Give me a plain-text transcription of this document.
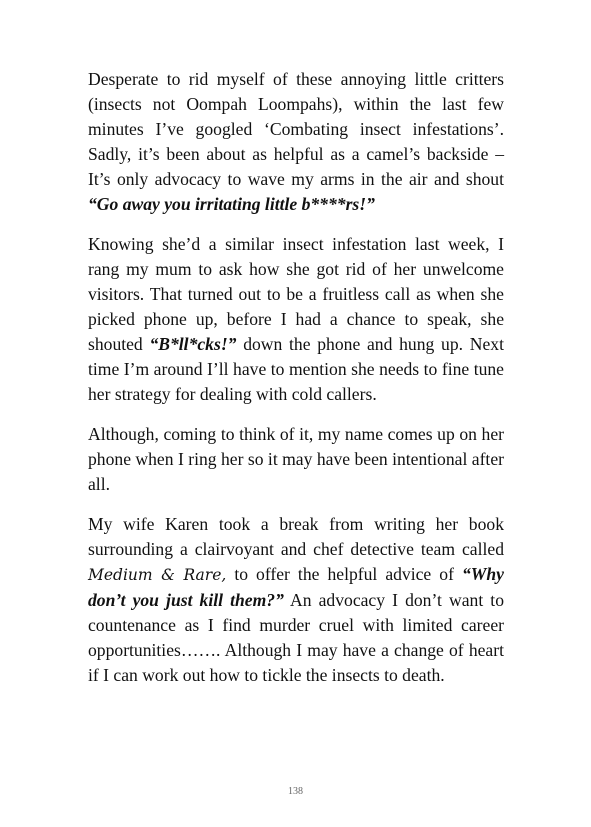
Desperate to rid myself of these annoying little critters (insects not Oompah Loompahs), within the last few minutes I’ve googled ‘Combating insect infestations’. Sadly, it’s been about as helpful as a camel’s backside – It’s only advocacy to wave my arms in the air and shout “Go away you irritating little b****rs!”

Knowing she’d a similar insect infestation last week, I rang my mum to ask how she got rid of her unwelcome visitors. That turned out to be a fruitless call as when she picked phone up, before I had a chance to speak, she shouted “B*ll*cks!” down the phone and hung up. Next time I’m around I’ll have to mention she needs to fine tune her strategy for dealing with cold callers.

Although, coming to think of it, my name comes up on her phone when I ring her so it may have been intentional after all.

My wife Karen took a break from writing her book surrounding a clairvoyant and chef detective team called Medium & Rare, to offer the helpful advice of “Why don’t you just kill them?” An advocacy I don’t want to countenance as I find murder cruel with limited career opportunities……. Although I may have a change of heart if I can work out how to tickle the insects to death.

138
